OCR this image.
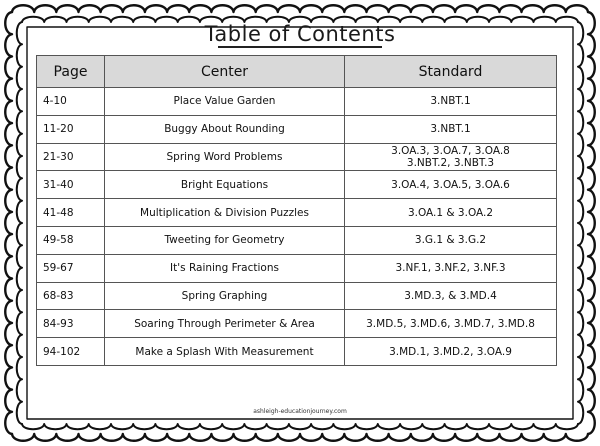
Table of Contents
Page	Center	Standard
4-10	Place Value Garden	3.NBT.1
11-20	Buggy About Rounding	3.NBT.1
21-30	Spring Word Problems	3.OA.3, 3.OA.7, 3.OA.8 3.NBT.2, 3.NBT.3
31-40	Bright Equations	3.OA.4, 3.OA.5, 3.OA.6
41-48	Multiplication & Division Puzzles	3.OA.1 & 3.OA.2
49-58	Tweeting for Geometry	3.G.1 & 3.G.2
59-67	It's Raining Fractions	3.NF.1, 3.NF.2, 3.NF.3
68-83	Spring Graphing	3.MD.3, & 3.MD.4
84-93	Soaring Through Perimeter & Area	3.MD.5, 3.MD.6, 3.MD.7, 3.MD.8
94-102	Make a Splash With Measurement	3.MD.1, 3.MD.2, 3.OA.9
ashleigh-educationjourney.com
